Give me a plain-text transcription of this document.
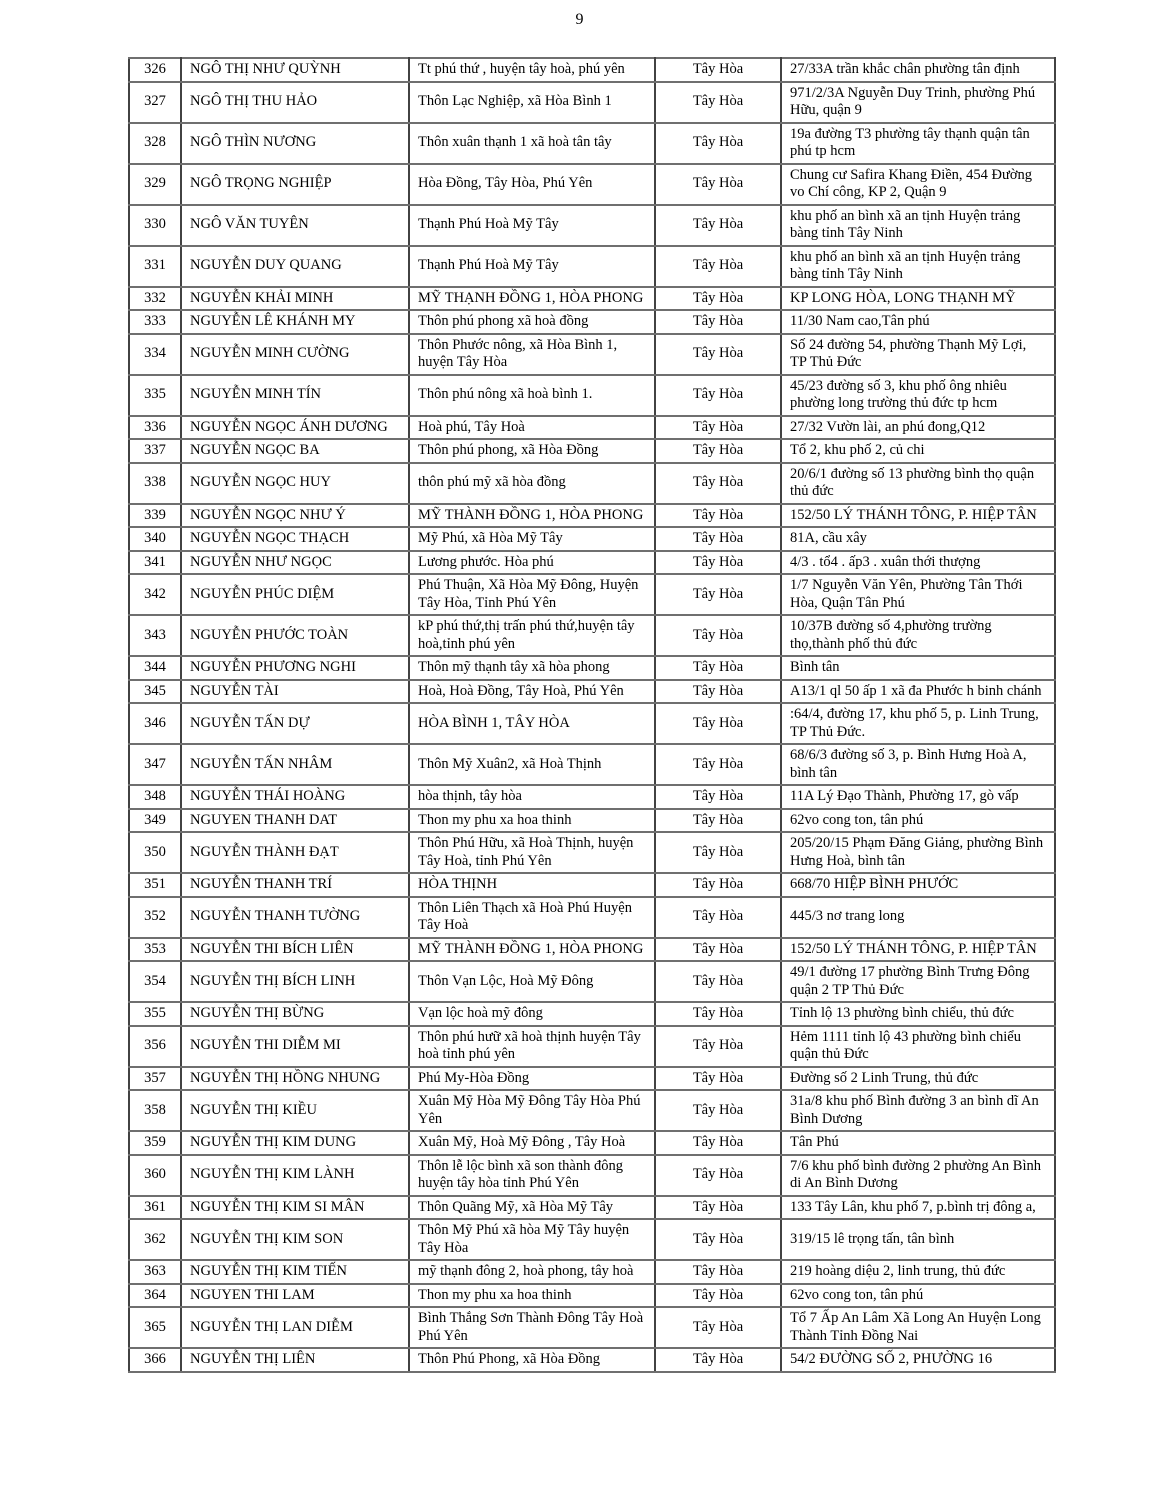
9
326	NGÔ THỊ NHƯ QUỲNH	Tt phú thứ , huyện tây hoà, phú yên	Tây Hòa	27/33A trần khắc chân phường tân định
327	NGÔ THỊ THU HẢO	Thôn Lạc Nghiệp, xã Hòa Bình 1	Tây Hòa	971/2/3A Nguyễn Duy Trinh, phường Phú Hữu, quận 9
328	NGÔ THÌN NƯƠNG	Thôn xuân thạnh 1 xã hoà tân tây	Tây Hòa	19a đường T3 phường tây thạnh quận tân phú tp hcm
329	NGÔ TRỌNG NGHIỆP	Hòa Đồng, Tây Hòa, Phú Yên	Tây Hòa	Chung cư Safira Khang Điền, 454 Đường vo Chí công, KP 2, Quận 9
330	NGÔ VĂN TUYÊN	Thạnh Phú Hoà Mỹ Tây	Tây Hòa	khu phố an bình xã an tịnh Huyện trảng bàng tỉnh Tây Ninh
331	NGUYỄN DUY QUANG	Thạnh Phú Hoà Mỹ Tây	Tây Hòa	khu phố an bình xã an tịnh Huyện trảng bàng tỉnh Tây Ninh
332	NGUYỄN KHẢI MINH	MỸ THẠNH ĐỒNG 1, HÒA PHONG	Tây Hòa	KP LONG HÒA, LONG THẠNH MỸ
333	NGUYỄN LÊ KHÁNH MY	Thôn phú phong xã hoà đồng	Tây Hòa	11/30 Nam cao,Tân phú
334	NGUYỄN MINH CƯỜNG	Thôn Phước nông, xã Hòa Bình 1, huyện Tây Hòa	Tây Hòa	Số 24 đường 54, phường Thạnh Mỹ Lợi, TP Thủ Đức
335	NGUYỄN MINH TÍN	Thôn phú nông xã hoà bình 1.	Tây Hòa	45/23 đường số 3, khu phố ông nhiêu phường long trường thủ đức tp hcm
336	NGUYỄN NGỌC ÁNH DƯƠNG	Hoà phú, Tây Hoà	Tây Hòa	27/32 Vườn lài, an phú đong,Q12
337	NGUYỄN NGỌC BA	Thôn phú phong, xã Hòa Đồng	Tây Hòa	Tổ 2, khu phố 2, củ chi
338	NGUYỄN NGỌC HUY	thôn phú mỹ xã hòa đồng	Tây Hòa	20/6/1 đường số 13 phường bình thọ quận thủ đức
339	NGUYỄN NGỌC NHƯ Ý	MỸ THÀNH ĐỒNG 1, HÒA PHONG	Tây Hòa	152/50 LÝ THÁNH TÔNG, P. HIỆP TÂN
340	NGUYỄN NGỌC THẠCH	Mỹ Phú, xã Hòa Mỹ Tây	Tây Hòa	81A, cầu xây
341	NGUYỄN NHƯ NGỌC	Lương phước. Hòa phú	Tây Hòa	4/3 . tổ4 . ấp3 . xuân thới thượng
342	NGUYỄN PHÚC DIỆM	Phú Thuận, Xã Hòa Mỹ Đông, Huyện Tây Hòa, Tỉnh Phú Yên	Tây Hòa	1/7 Nguyễn Văn Yên, Phường Tân Thới Hòa, Quận Tân Phú
343	NGUYỄN PHƯỚC TOÀN	kP phú thứ,thị trấn phú thứ,huyện tây hoà,tỉnh phú yên	Tây Hòa	10/37B đường số 4,phường trường thọ,thành phố thủ đức
344	NGUYỄN PHƯƠNG NGHI	Thôn mỹ thạnh tây xã hòa phong	Tây Hòa	Bình tân
345	NGUYỄN TÀI	Hoà, Hoà Đồng, Tây Hoà, Phú Yên	Tây Hòa	A13/1 ql 50 ấp 1 xã đa Phước h binh chánh
346	NGUYỄN TẤN DỰ	HÒA BÌNH 1, TÂY HÒA	Tây Hòa	:64/4, đường 17, khu phố 5, p. Linh Trung, TP Thủ Đức.
347	NGUYỄN TẤN NHÂM	Thôn Mỹ Xuân2, xã Hoà Thịnh	Tây Hòa	68/6/3 đường số 3, p. Bình Hưng Hoà A, bình tân
348	NGUYỄN THÁI HOÀNG	hòa thịnh, tây hòa	Tây Hòa	11A Lý Đạo Thành, Phường 17, gò vấp
349	NGUYEN THANH DAT	Thon my phu xa hoa thinh	Tây Hòa	62vo cong ton, tân phú
350	NGUYỄN THÀNH ĐẠT	Thôn Phú Hữu, xã Hoà Thịnh, huyện Tây Hoà, tỉnh Phú Yên	Tây Hòa	205/20/15 Phạm Đăng Giảng, phường Bình Hưng Hoà, bình tân
351	NGUYỄN THANH TRÍ	HÒA THỊNH	Tây Hòa	668/70 HIỆP BÌNH PHƯỚC
352	NGUYỄN THANH TƯỜNG	Thôn Liên Thạch xã Hoà Phú Huyện Tây Hoà	Tây Hòa	445/3 nơ trang long
353	NGUYỄN THI BÍCH LIÊN	MỸ THÀNH ĐỒNG 1, HÒA PHONG	Tây Hòa	152/50 LÝ THÁNH TÔNG, P. HIỆP TÂN
354	NGUYỄN THỊ BÍCH LINH	Thôn Vạn Lộc, Hoà Mỹ Đông	Tây Hòa	49/1 đường 17 phường Bình Trưng Đông quận 2 TP Thủ Đức
355	NGUYỄN THỊ BỪNG	Vạn lộc hoà mỹ đông	Tây Hòa	Tỉnh lộ 13 phường bình chiểu, thủ đức
356	NGUYỄN THI DIỄM MI	Thôn phú hưữ xã hoà thịnh huyện Tây hoà tỉnh phú yên	Tây Hòa	Hẻm 1111 tỉnh lộ 43 phường bình chiểu quận thủ Đức
357	NGUYỄN THỊ HỒNG NHUNG	Phú My-Hòa Đồng	Tây Hòa	Đường số 2 Linh Trung, thủ đức
358	NGUYỄN THỊ KIỀU	Xuân Mỹ Hòa Mỹ Đông Tây Hòa Phú Yên	Tây Hòa	31a/8 khu phố Bình đường 3 an bình dĩ An Bình Dương
359	NGUYỄN THỊ KIM DUNG	Xuân Mỹ, Hoà Mỹ Đông , Tây Hoà	Tây Hòa	Tân Phú
360	NGUYỄN THỊ KIM LÀNH	Thôn lễ lộc bình xã son thành đông huyện tây hòa tỉnh Phú Yên	Tây Hòa	7/6 khu phố bình đường 2 phường An Bình di An Bình Dương
361	NGUYỄN THỊ KIM SI MÂN	Thôn Quãng Mỹ, xã Hòa Mỹ Tây	Tây Hòa	133 Tây Lân, khu phố 7, p.bình trị đông a,
362	NGUYỄN THỊ KIM SON	Thôn Mỹ Phú xã hòa Mỹ Tây huyện Tây Hòa	Tây Hòa	319/15 lê trọng tấn, tân bình
363	NGUYỄN THỊ KIM TIẾN	mỹ thạnh đông 2, hoà phong, tây hoà	Tây Hòa	219 hoàng diệu 2, linh trung, thủ đức
364	NGUYEN THI LAM	Thon my phu xa hoa thinh	Tây Hòa	62vo cong ton, tân phú
365	NGUYỄN THỊ LAN DIỄM	Bình Thắng Sơn Thành Đông Tây Hoà Phú Yên	Tây Hòa	Tổ 7 Ấp An Lâm Xã Long An Huyện Long Thành Tỉnh Đồng Nai
366	NGUYỄN THỊ LIÊN	Thôn Phú Phong, xã Hòa Đồng	Tây Hòa	54/2 ĐƯỜNG SỐ 2, PHƯỜNG 16
